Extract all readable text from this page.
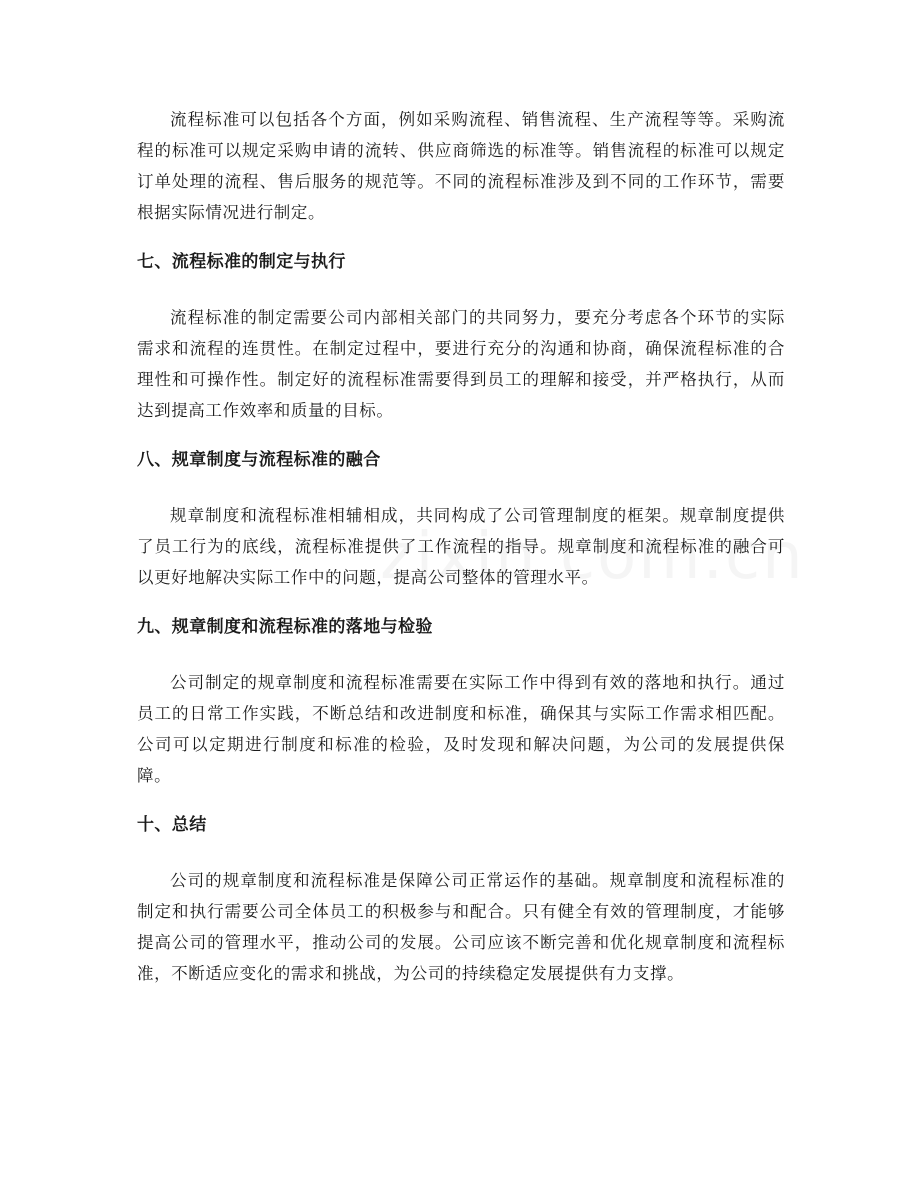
流程标准可以包括各个方面，例如采购流程、销售流程、生产流程等等。采购流程的标准可以规定采购申请的流转、供应商筛选的标准等。销售流程的标准可以规定订单处理的流程、售后服务的规范等。不同的流程标准涉及到不同的工作环节，需要根据实际情况进行制定。

七、流程标准的制定与执行

流程标准的制定需要公司内部相关部门的共同努力，要充分考虑各个环节的实际需求和流程的连贯性。在制定过程中，要进行充分的沟通和协商，确保流程标准的合理性和可操作性。制定好的流程标准需要得到员工的理解和接受，并严格执行，从而达到提高工作效率和质量的目标。

八、规章制度与流程标准的融合

规章制度和流程标准相辅相成，共同构成了公司管理制度的框架。规章制度提供了员工行为的底线，流程标准提供了工作流程的指导。规章制度和流程标准的融合可以更好地解决实际工作中的问题，提高公司整体的管理水平。

九、规章制度和流程标准的落地与检验

公司制定的规章制度和流程标准需要在实际工作中得到有效的落地和执行。通过员工的日常工作实践，不断总结和改进制度和标准，确保其与实际工作需求相匹配。公司可以定期进行制度和标准的检验，及时发现和解决问题，为公司的发展提供保障。

十、总结

公司的规章制度和流程标准是保障公司正常运作的基础。规章制度和流程标准的制定和执行需要公司全体员工的积极参与和配合。只有健全有效的管理制度，才能够提高公司的管理水平，推动公司的发展。公司应该不断完善和优化规章制度和流程标准，不断适应变化的需求和挑战，为公司的持续稳定发展提供有力支撑。
